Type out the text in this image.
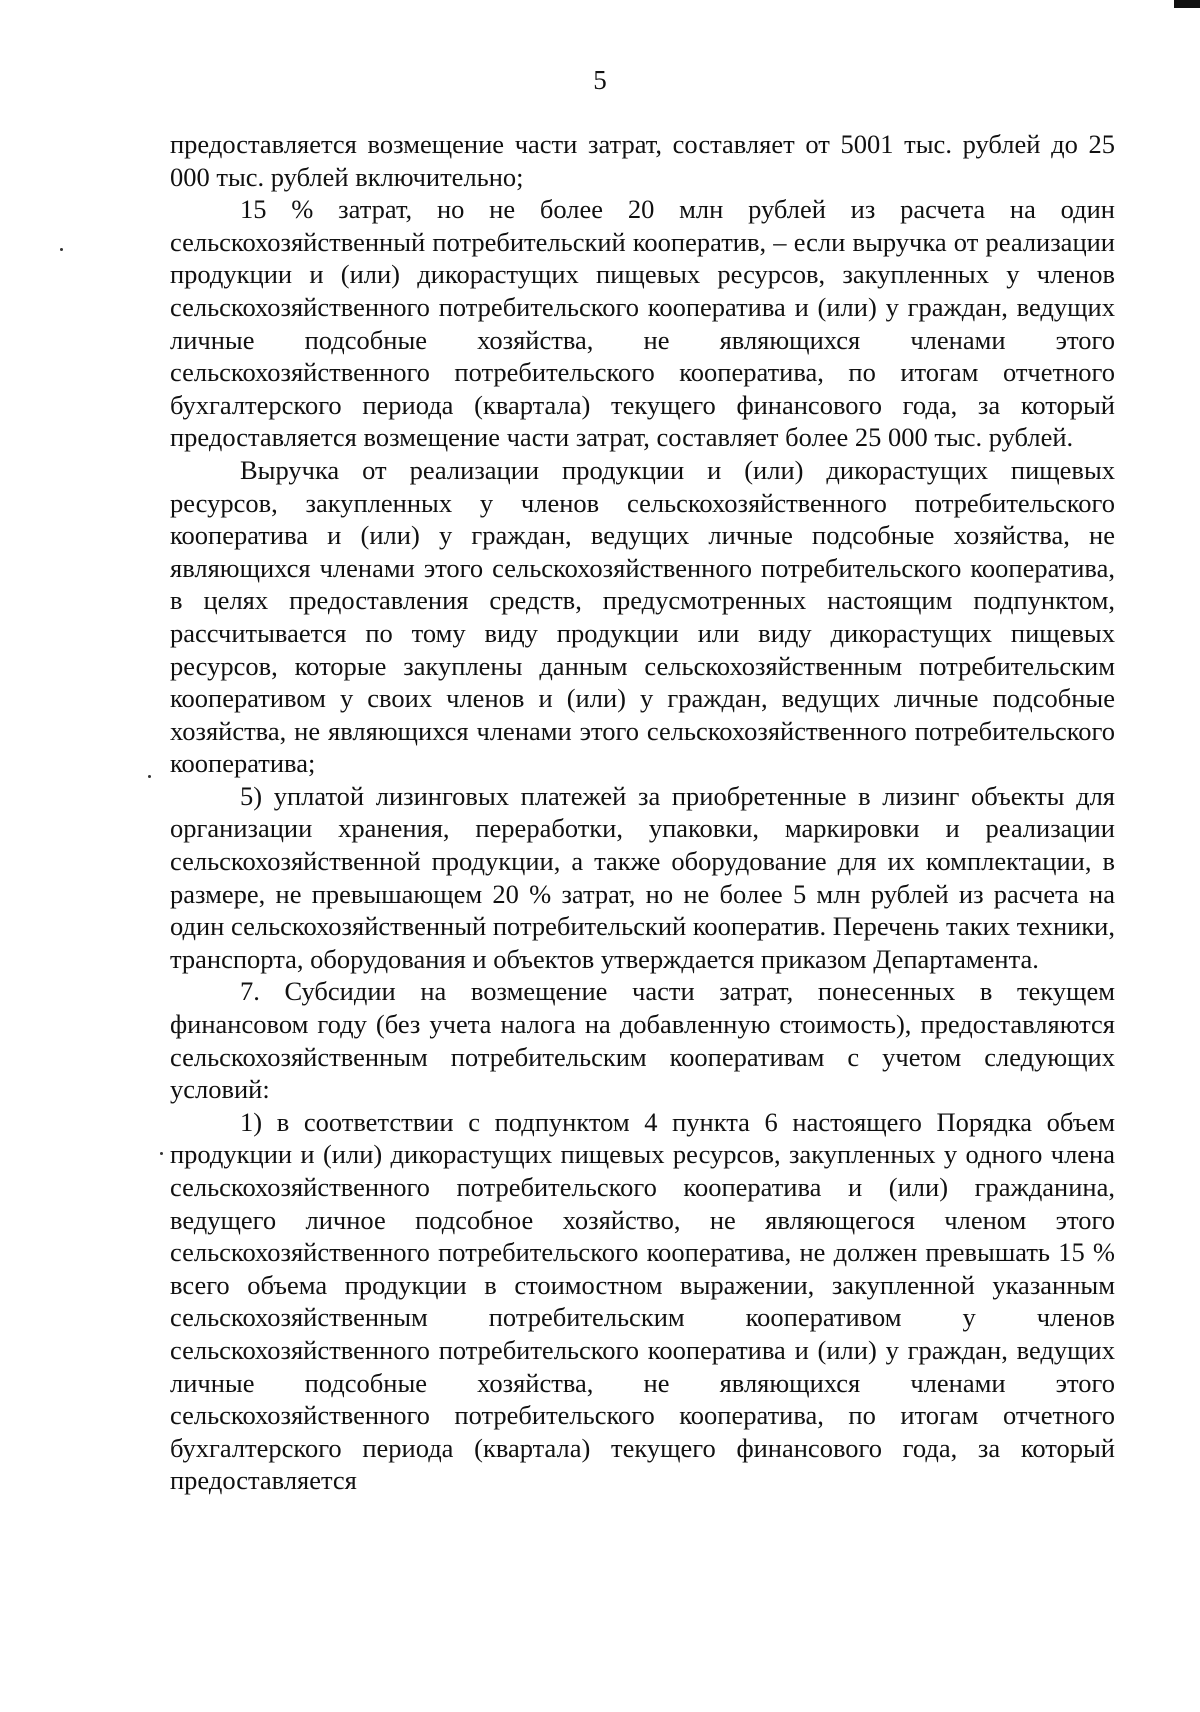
5

предоставляется возмещение части затрат, составляет от 5001 тыс. рублей до 25 000 тыс. рублей включительно;

15 % затрат, но не более 20 млн рублей из расчета на один сельскохозяйственный потребительский кооператив, – если выручка от реализации продукции и (или) дикорастущих пищевых ресурсов, закупленных у членов сельскохозяйственного потребительского кооператива и (или) у граждан, ведущих личные подсобные хозяйства, не являющихся членами этого сельскохозяйственного потребительского кооператива, по итогам отчетного бухгалтерского периода (квартала) текущего финансового года, за который предоставляется возмещение части затрат, составляет более 25 000 тыс. рублей.

Выручка от реализации продукции и (или) дикорастущих пищевых ресурсов, закупленных у членов сельскохозяйственного потребительского кооператива и (или) у граждан, ведущих личные подсобные хозяйства, не являющихся членами этого сельскохозяйственного потребительского кооператива, в целях предоставления средств, предусмотренных настоящим подпунктом, рассчитывается по тому виду продукции или виду дикорастущих пищевых ресурсов, которые закуплены данным сельскохозяйственным потребительским кооперативом у своих членов и (или) у граждан, ведущих личные подсобные хозяйства, не являющихся членами этого сельскохозяйственного потребительского кооператива;

5) уплатой лизинговых платежей за приобретенные в лизинг объекты для организации хранения, переработки, упаковки, маркировки и реализации сельскохозяйственной продукции, а также оборудование для их комплектации, в размере, не превышающем 20 % затрат, но не более 5 млн рублей из расчета на один сельскохозяйственный потребительский кооператив. Перечень таких техники, транспорта, оборудования и объектов утверждается приказом Департамента.

7. Субсидии на возмещение части затрат, понесенных в текущем финансовом году (без учета налога на добавленную стоимость), предоставляются сельскохозяйственным потребительским кооперативам с учетом следующих условий:

1) в соответствии с подпунктом 4 пункта 6 настоящего Порядка объем продукции и (или) дикорастущих пищевых ресурсов, закупленных у одного члена сельскохозяйственного потребительского кооператива и (или) гражданина, ведущего личное подсобное хозяйство, не являющегося членом этого сельскохозяйственного потребительского кооператива, не должен превышать 15 % всего объема продукции в стоимостном выражении, закупленной указанным сельскохозяйственным потребительским кооперативом у членов сельскохозяйственного потребительского кооператива и (или) у граждан, ведущих личные подсобные хозяйства, не являющихся членами этого сельскохозяйственного потребительского кооператива, по итогам отчетного бухгалтерского периода (квартала) текущего финансового года, за который предоставляется
